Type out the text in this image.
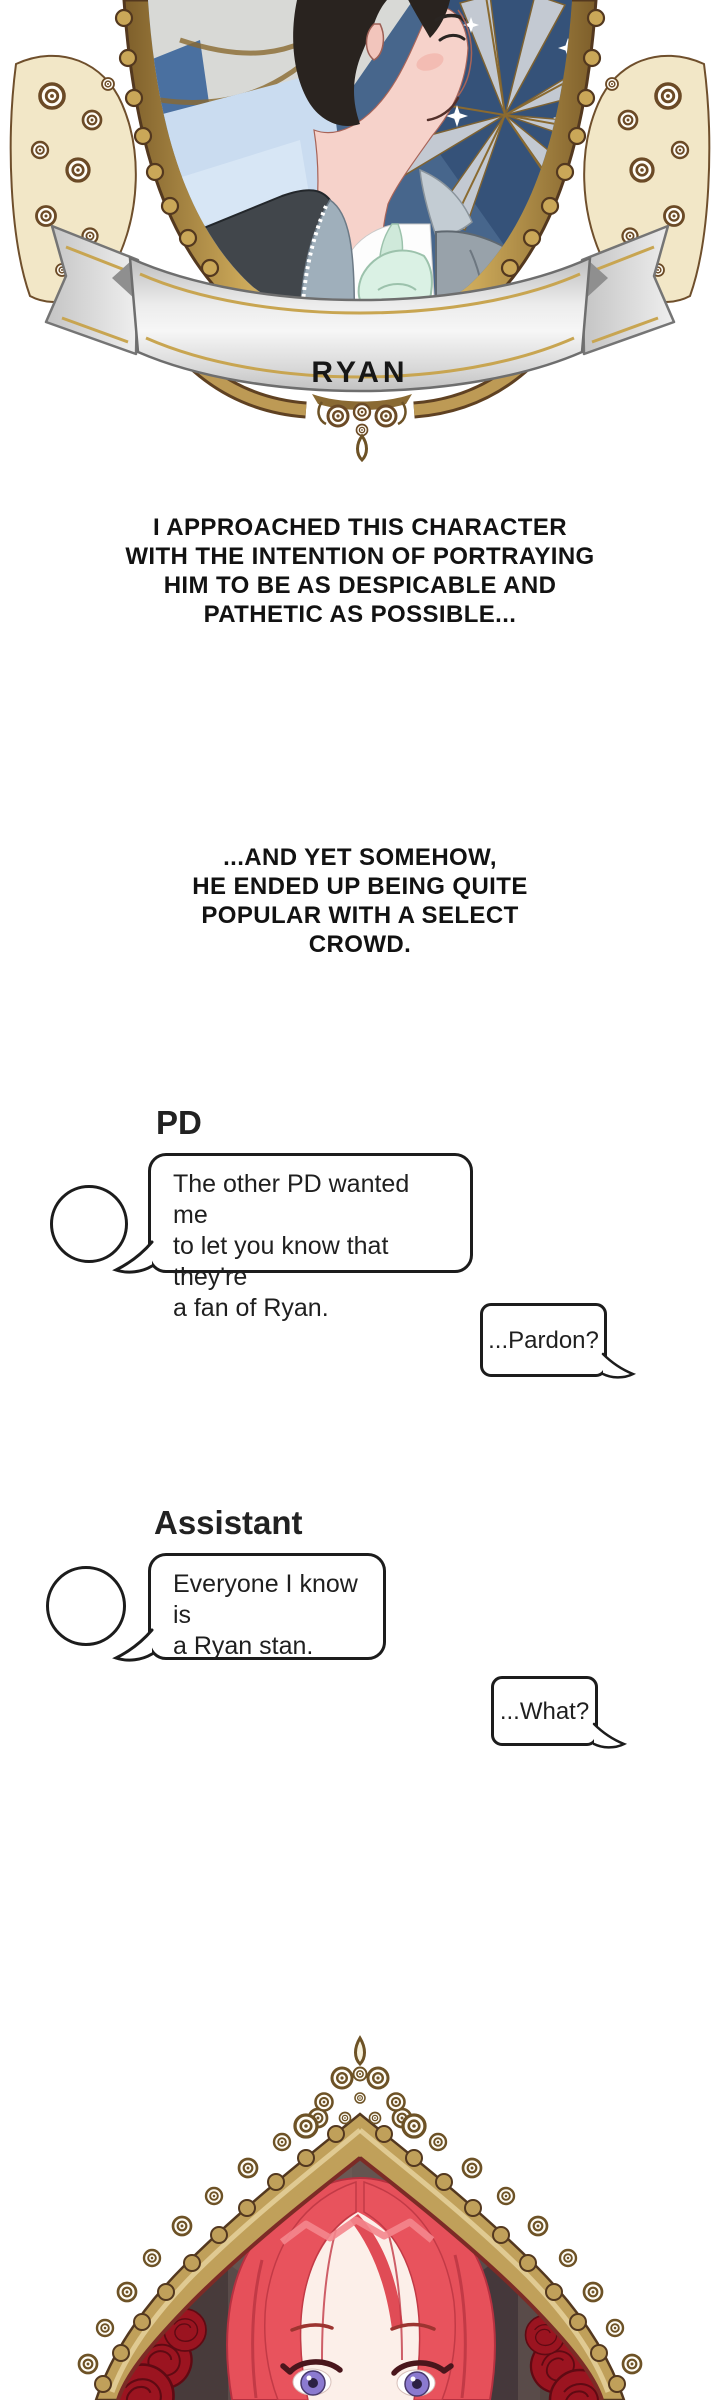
RYAN
I APPROACHED THIS CHARACTER
WITH THE INTENTION OF PORTRAYING
HIM TO BE AS DESPICABLE AND
PATHETIC AS POSSIBLE...
...AND YET SOMEHOW,
HE ENDED UP BEING QUITE
POPULAR WITH A SELECT
CROWD.
PD
The other PD wanted me
to let you know that they're
a fan of Ryan.
...Pardon?
Assistant
Everyone I know is
a Ryan stan.
...What?
